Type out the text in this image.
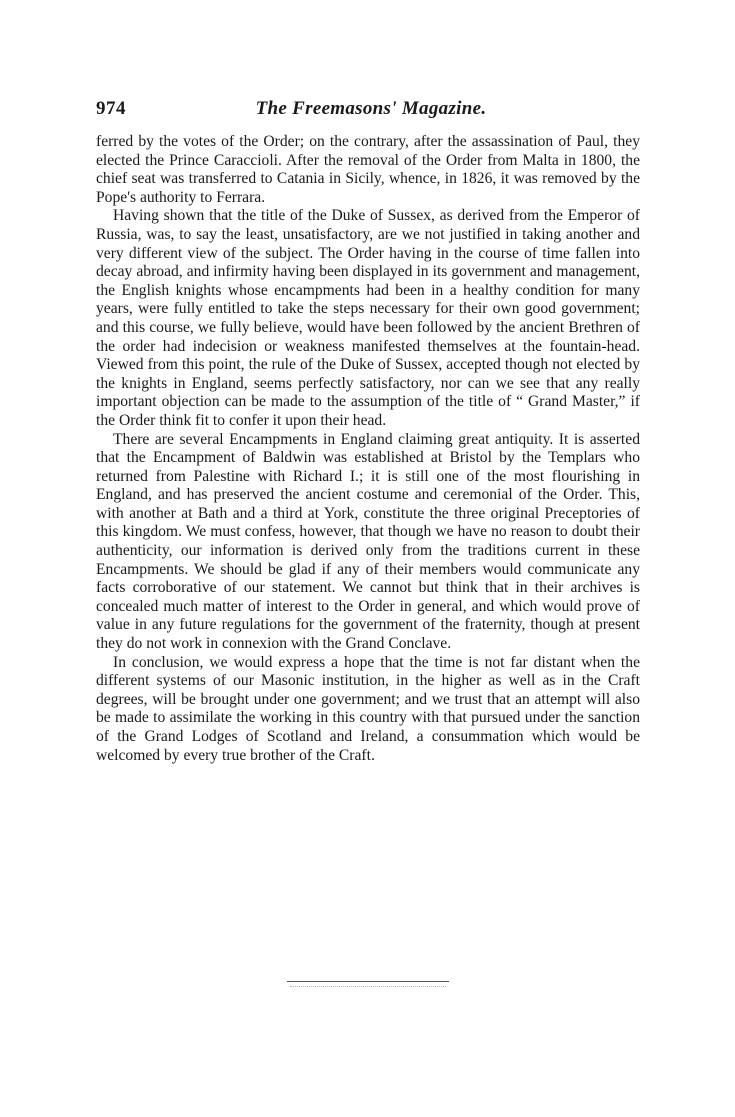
974	The Freemasons' Magazine.

ferred by the votes of the Order; on the contrary, after the assassination of Paul, they elected the Prince Caraccioli. After the removal of the Order from Malta in 1800, the chief seat was transferred to Catania in Sicily, whence, in 1826, it was removed by the Pope's authority to Ferrara.

Having shown that the title of the Duke of Sussex, as derived from the Emperor of Russia, was, to say the least, unsatisfactory, are we not justified in taking another and very different view of the subject. The Order having in the course of time fallen into decay abroad, and infirmity having been displayed in its government and management, the English knights whose encampments had been in a healthy condition for many years, were fully entitled to take the steps necessary for their own good government; and this course, we fully believe, would have been followed by the ancient Brethren of the order had indecision or weakness manifested themselves at the fountain-head. Viewed from this point, the rule of the Duke of Sussex, accepted though not elected by the knights in England, seems perfectly satisfactory, nor can we see that any really important objection can be made to the assumption of the title of “ Grand Master,” if the Order think fit to confer it upon their head.

There are several Encampments in England claiming great antiquity. It is asserted that the Encampment of Baldwin was established at Bristol by the Templars who returned from Palestine with Richard I.; it is still one of the most flourishing in England, and has preserved the ancient costume and ceremonial of the Order. This, with another at Bath and a third at York, constitute the three original Preceptories of this kingdom. We must confess, however, that though we have no reason to doubt their authenticity, our information is derived only from the traditions current in these Encampments. We should be glad if any of their members would communicate any facts corroborative of our statement. We cannot but think that in their archives is concealed much matter of interest to the Order in general, and which would prove of value in any future regulations for the government of the fraternity, though at present they do not work in connexion with the Grand Conclave.

In conclusion, we would express a hope that the time is not far distant when the different systems of our Masonic institution, in the higher as well as in the Craft degrees, will be brought under one government; and we trust that an attempt will also be made to assimilate the working in this country with that pursued under the sanction of the Grand Lodges of Scotland and Ireland, a consummation which would be welcomed by every true brother of the Craft.
